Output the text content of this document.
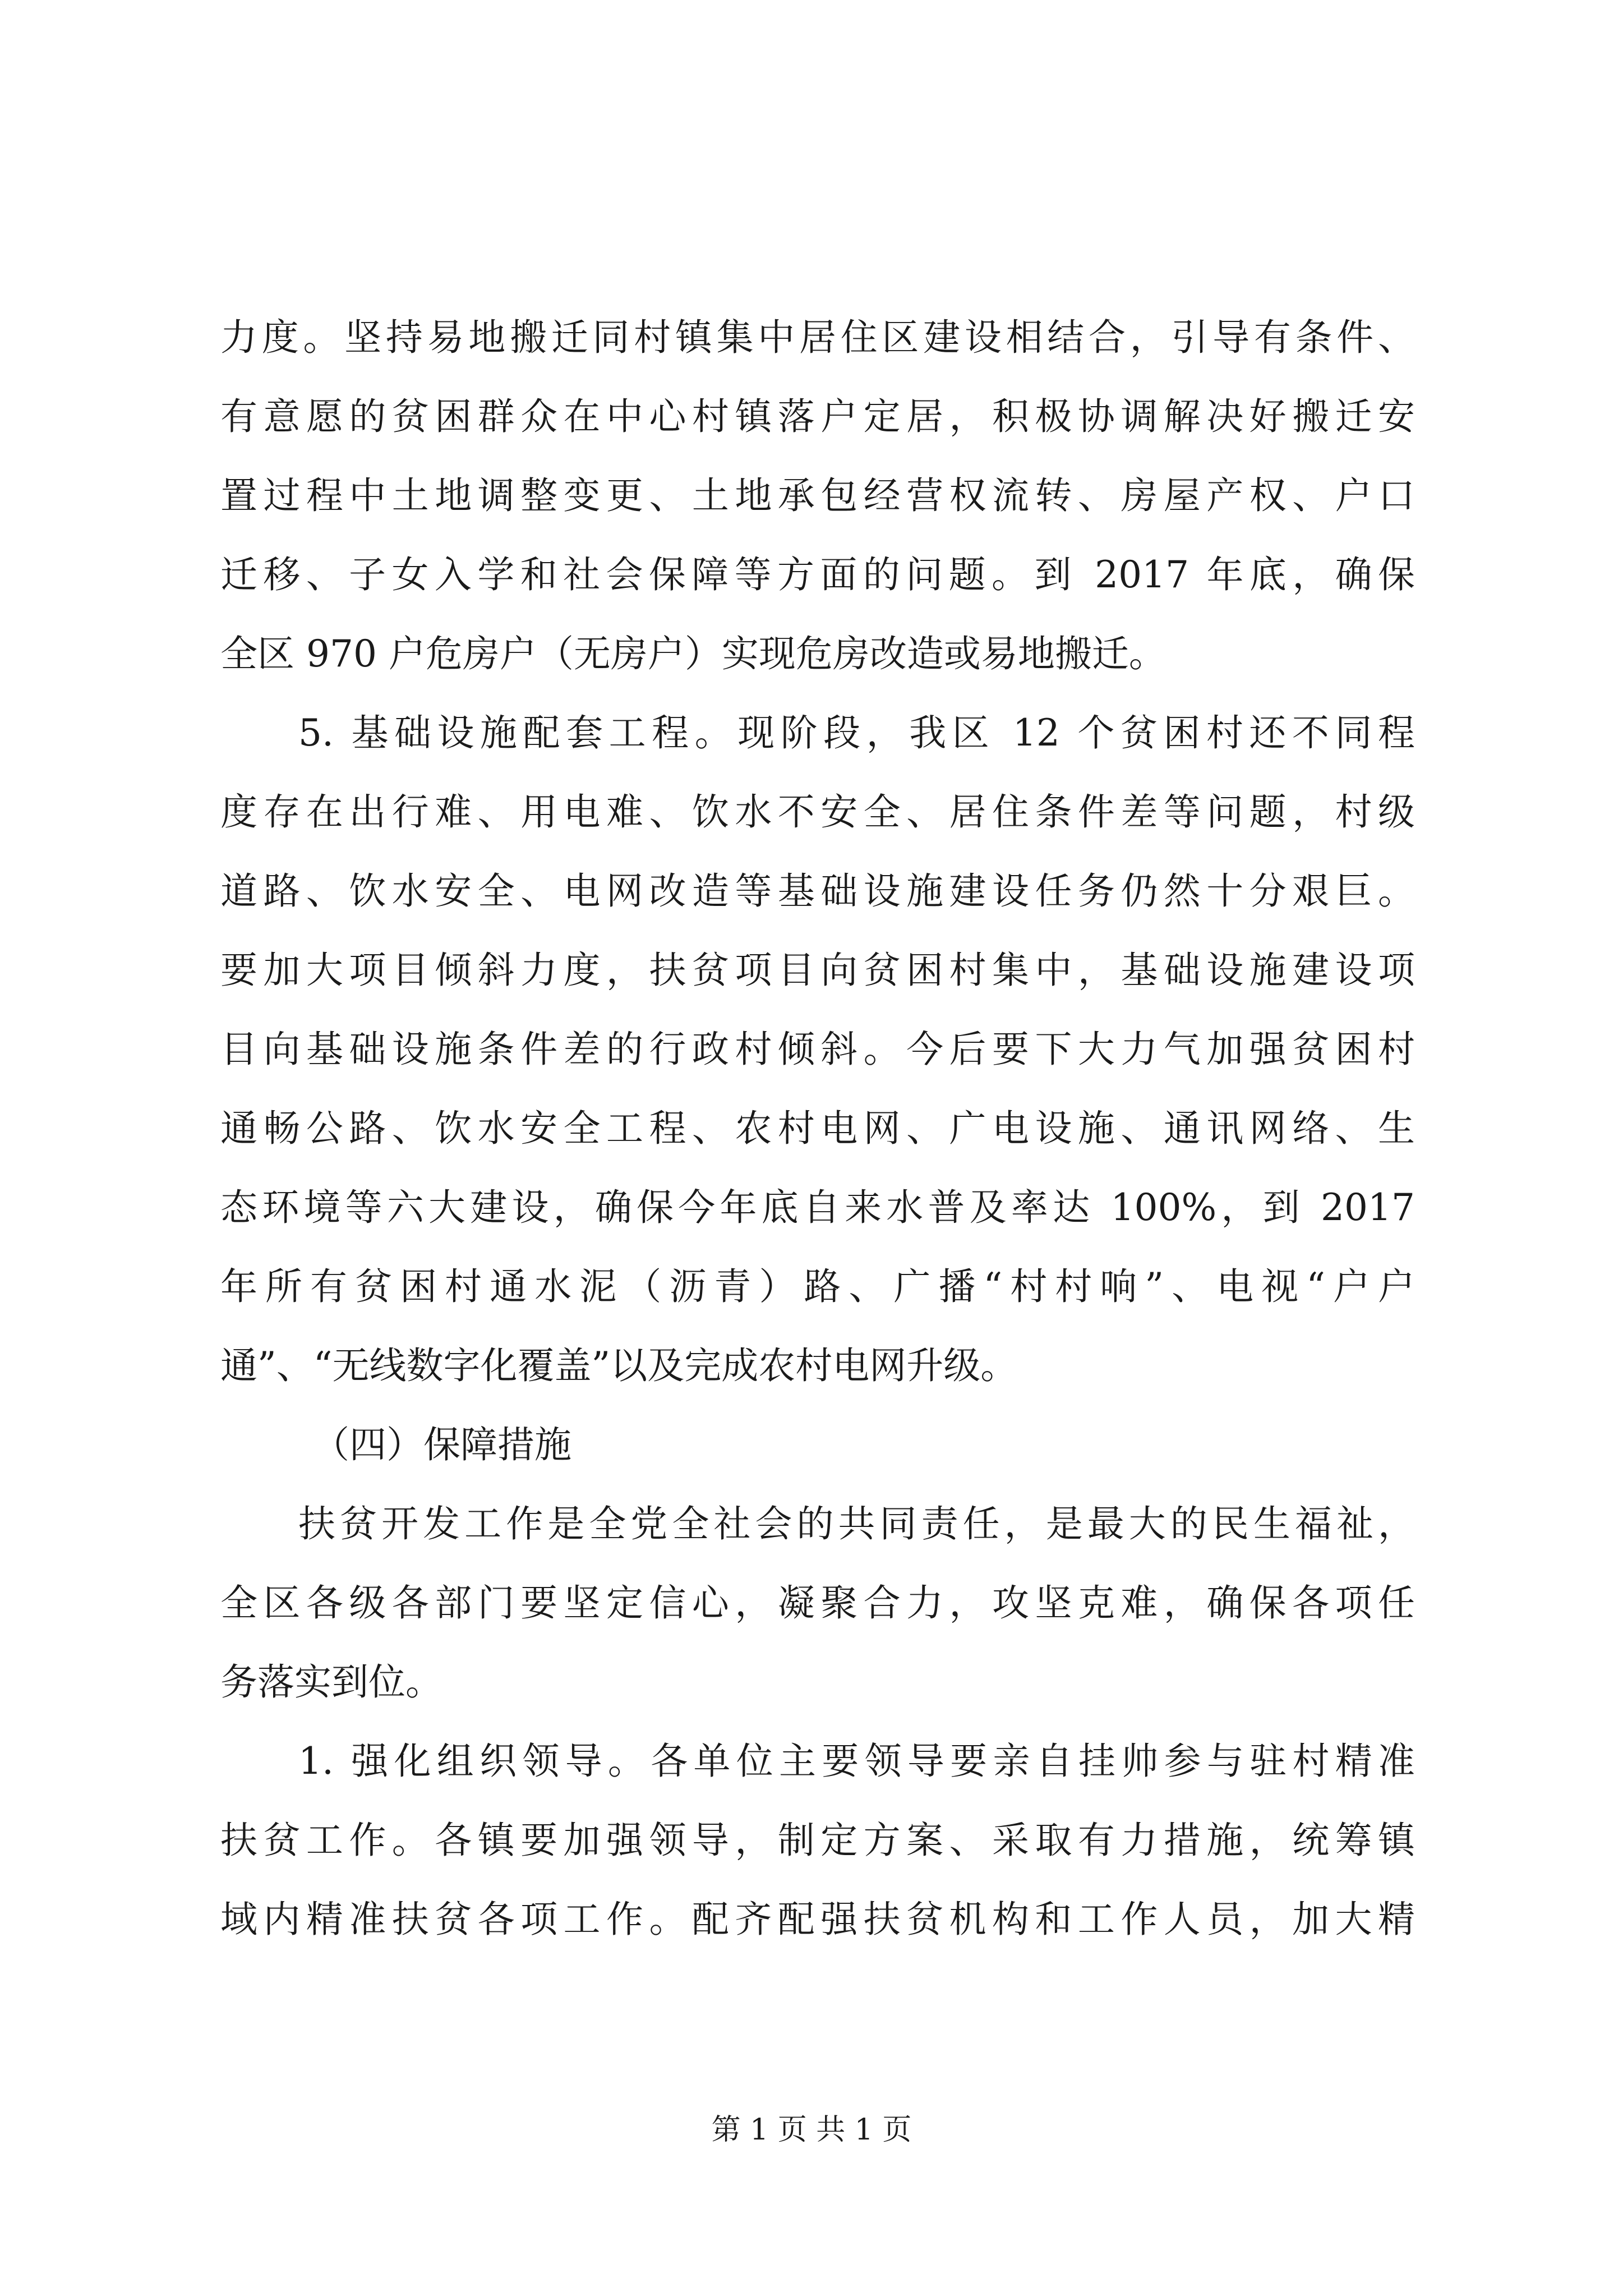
力度。坚持易地搬迁同村镇集中居住区建设相结合，引导有条件、
有意愿的贫困群众在中心村镇落户定居，积极协调解决好搬迁安
置过程中土地调整变更、土地承包经营权流转、房屋产权、户口
迁移、子女入学和社会保障等方面的问题。到 2017 年底，确保
全区 970 户危房户（无房户）实现危房改造或易地搬迁。
5. 基础设施配套工程。现阶段，我区 12 个贫困村还不同程
度存在出行难、用电难、饮水不安全、居住条件差等问题，村级
道路、饮水安全、电网改造等基础设施建设任务仍然十分艰巨。
要加大项目倾斜力度，扶贫项目向贫困村集中，基础设施建设项
目向基础设施条件差的行政村倾斜。今后要下大力气加强贫困村
通畅公路、饮水安全工程、农村电网、广电设施、通讯网络、生
态环境等六大建设，确保今年底自来水普及率达 100%，到 2017
年所有贫困村通水泥（沥青）路、广播“村村响”、电视“户户
通”、“无线数字化覆盖”以及完成农村电网升级。
（四）保障措施
扶贫开发工作是全党全社会的共同责任，是最大的民生福祉，
全区各级各部门要坚定信心，凝聚合力，攻坚克难，确保各项任
务落实到位。
1. 强化组织领导。各单位主要领导要亲自挂帅参与驻村精准
扶贫工作。各镇要加强领导，制定方案、采取有力措施，统筹镇
域内精准扶贫各项工作。配齐配强扶贫机构和工作人员，加大精
第 1 页 共 1 页
